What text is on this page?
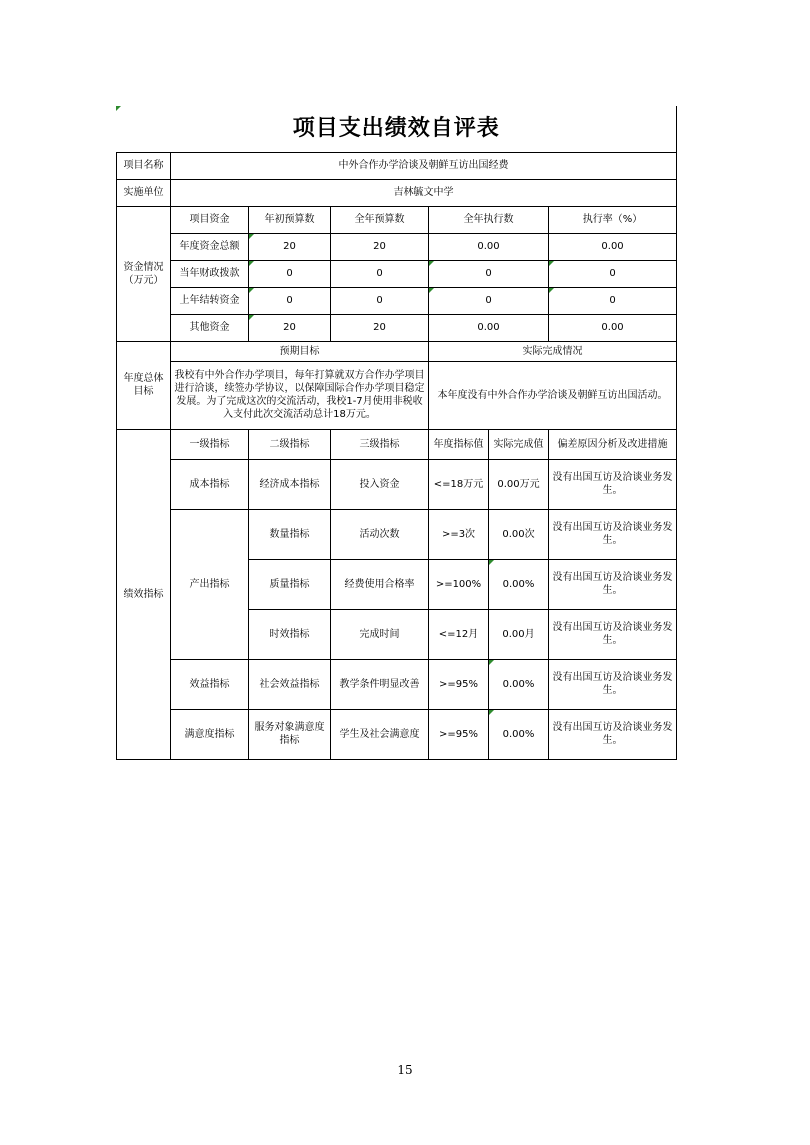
项目支出绩效自评表						
项目名称	中外合作办学洽谈及朝鲜互访出国经费					
实施单位	吉林毓文中学					
资金情况
（万元）	项目资金	年初预算数	全年预算数	全年执行数		执行率（%）
	年度资金总额	20	20	0.00		0.00
	当年财政拨款	0	0	0		0
	上年结转资金	0	0	0		0
	其他资金	20	20	0.00		0.00
年度总体
目标	预期目标			实际完成情况		
	我校有中外合作办学项目，每年打算就双方合作办学项目进行洽谈，续签办学协议，以保障国际合作办学项目稳定发展。为了完成这次的交流活动，我校1-7月使用非税收入支付此次交流活动总计18万元。			本年度没有中外合作办学洽谈及朝鲜互访出国活动。		
绩效指标	一级指标	二级指标	三级指标	年度指标值	实际完成值	偏差原因分析及改进措施
	成本指标	经济成本指标	投入资金	<=18万元	0.00万元	没有出国互访及洽谈业务发生。
	产出指标	数量指标	活动次数	>=3次	0.00次	没有出国互访及洽谈业务发生。
		质量指标	经费使用合格率	>=100%	0.00%	没有出国互访及洽谈业务发生。
		时效指标	完成时间	<=12月	0.00月	没有出国互访及洽谈业务发生。
	效益指标	社会效益指标	教学条件明显改善	>=95%	0.00%	没有出国互访及洽谈业务发生。
	满意度指标	服务对象满意度指标	学生及社会满意度	>=95%	0.00%	没有出国互访及洽谈业务发生。
15
